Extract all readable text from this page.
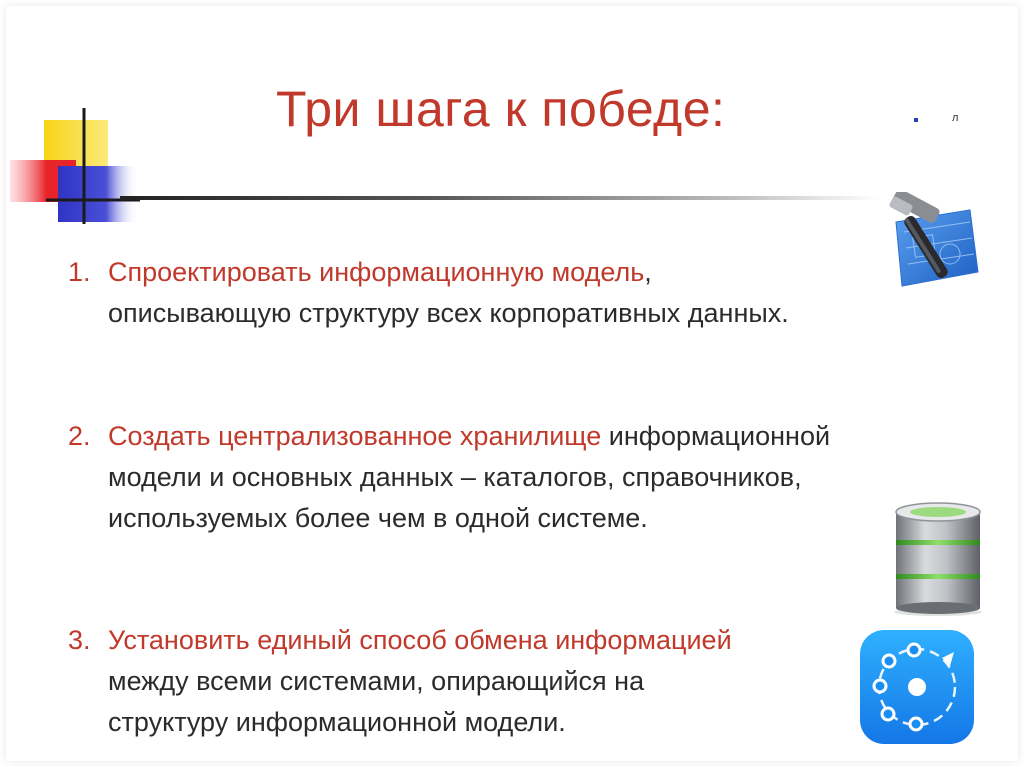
Три шага к победе:	л
1. Спроектировать информационную модель,
описывающую структуру всех корпоративных данных.
2. Создать централизованное хранилище информационной
модели и основных данных – каталогов, справочников,
используемых более чем в одной системе.
3. Установить единый способ обмена информацией
между всеми системами, опирающийся на
структуру информационной модели.
